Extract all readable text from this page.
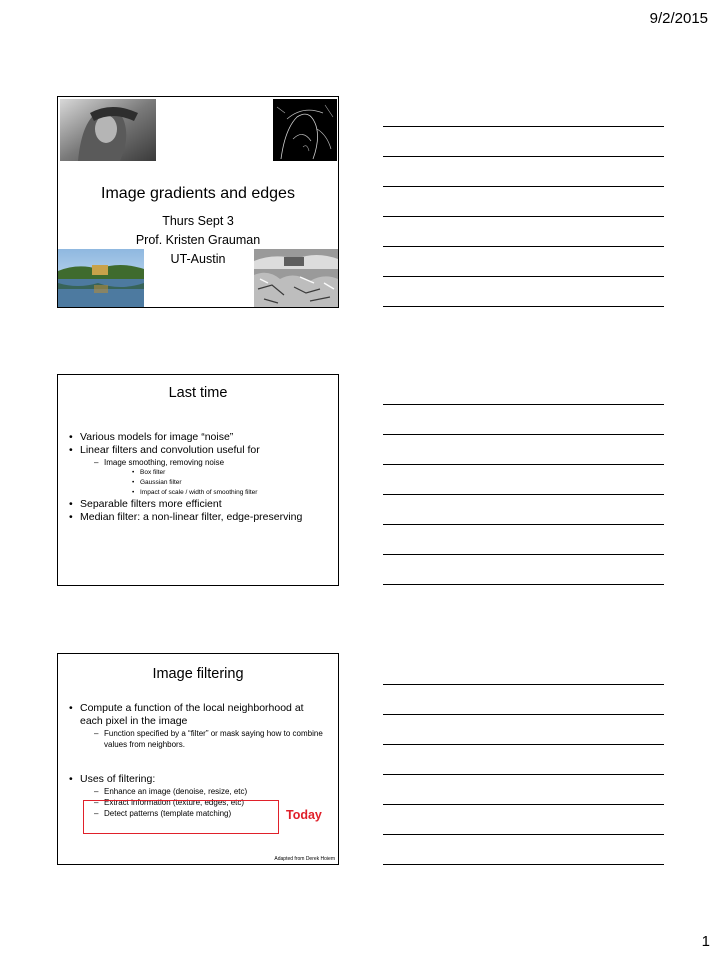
9/2/2015
Image gradients and edges
Thurs Sept 3
Prof. Kristen Grauman
UT-Austin
Last time
• Various models for image “noise”
• Linear filters and convolution useful for
– Image smoothing, removing noise
• Box filter
• Gaussian filter
• Impact of scale / width of smoothing filter
• Separable filters more efficient
• Median filter: a non-linear filter, edge-preserving
Image filtering
• Compute a function of the local neighborhood at each pixel in the image
– Function specified by a “filter” or mask saying how to combine values from neighbors.
• Uses of filtering:
– Enhance an image (denoise, resize, etc)
– Extract information (texture, edges, etc)
– Detect patterns (template matching)	Today
Adapted from Derek Hoiem
1
